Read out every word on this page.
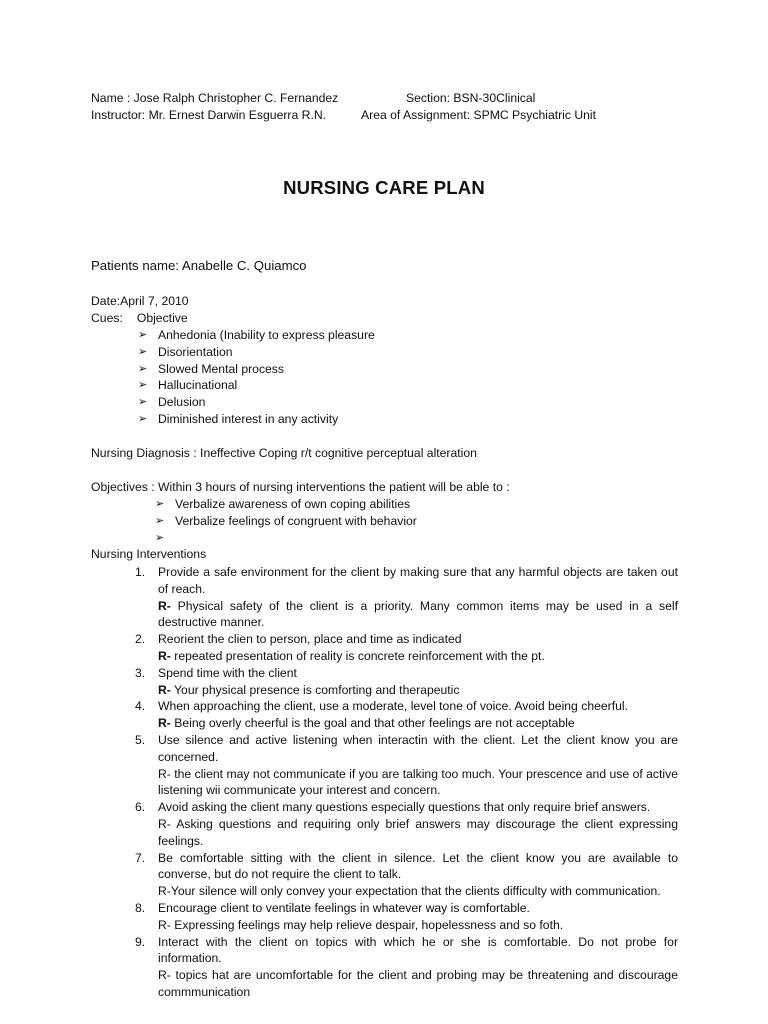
Name : Jose Ralph Christopher C. Fernandez	Section: BSN-30Clinical
Instructor: Mr. Ernest Darwin Esguerra R.N.	Area of Assignment: SPMC Psychiatric Unit
NURSING CARE PLAN
Patients name: Anabelle C. Quiamco
Date:April 7, 2010
Cues: Objective
➢ Anhedonia (Inability to express pleasure
➢ Disorientation
➢ Slowed Mental process
➢ Hallucinational
➢ Delusion
➢ Diminished interest in any activity
Nursing Diagnosis : Ineffective Coping r/t cognitive perceptual alteration
Objectives : Within 3 hours of nursing interventions the patient will be able to :
➢ Verbalize awareness of own coping abilities
➢ Verbalize feelings of congruent with behavior
➢
Nursing Interventions
1. Provide a safe environment for the client by making sure that any harmful objects are taken out of reach.
R- Physical safety of the client is a priority. Many common items may be used in a self destructive manner.
2. Reorient the clien to person, place and time as indicated
R- repeated presentation of reality is concrete reinforcement with the pt.
3. Spend time with the client
R- Your physical presence is comforting and therapeutic
4. When approaching the client, use a moderate, level tone of voice. Avoid being cheerful.
R- Being overly cheerful is the goal and that other feelings are not acceptable
5. Use silence and active listening when interactin with the client. Let the client know you are concerned.
R- the client may not communicate if you are talking too much. Your prescence and use of active listening wii communicate your interest and concern.
6. Avoid asking the client many questions especially questions that only require brief answers.
R- Asking questions and requiring only brief answers may discourage the client expressing feelings.
7. Be comfortable sitting with the client in silence. Let the client know you are available to converse, but do not require the client to talk.
R-Your silence will only convey your expectation that the clients difficulty with communication.
8. Encourage client to ventilate feelings in whatever way is comfortable.
R- Expressing feelings may help relieve despair, hopelessness and so foth.
9. Interact with the client on topics with which he or she is comfortable. Do not probe for information.
R- topics hat are uncomfortable for the client and probing may be threatening and discourage commmunication
